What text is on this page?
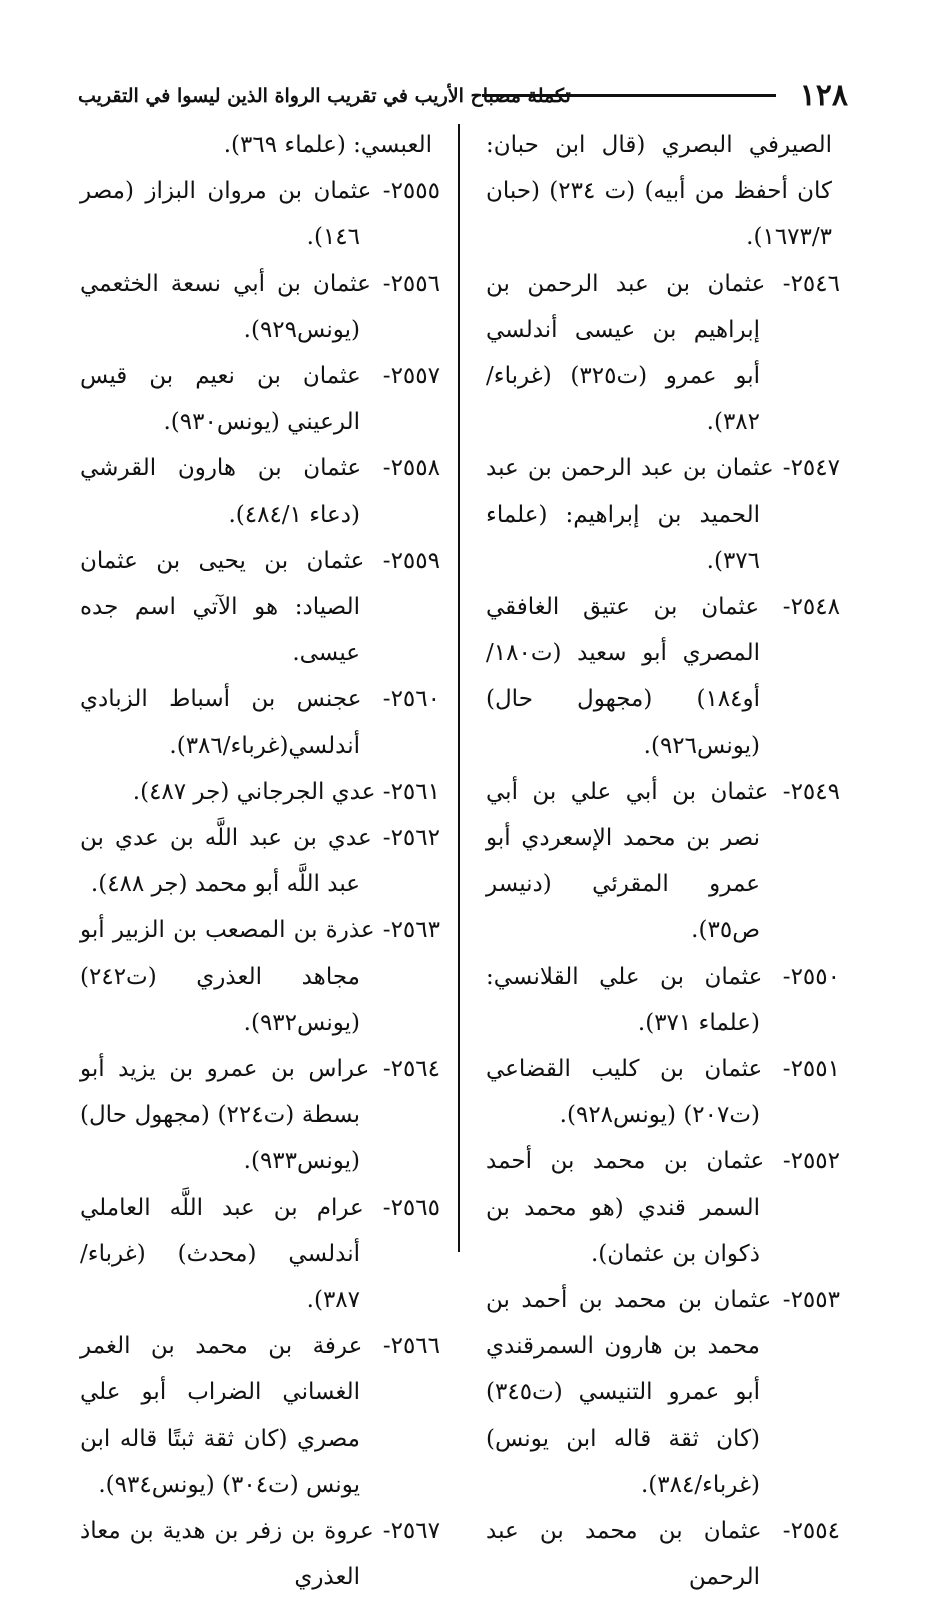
١٢٨
تكملة مصباح الأريب في تقريب الرواة الذين ليسوا في التقريب

الصيرفي البصري (قال ابن حبان: كان أحفظ من أبيه) (ت ٢٣٤) (حبان ١٦٧٣/٣).

٢٥٤٦- عثمان بن عبد الرحمن بن إبراهيم بن عيسى أندلسي أبو عمرو (ت٣٢٥) (غرباء/٣٨٢).

٢٥٤٧- عثمان بن عبد الرحمن بن عبد الحميد بن إبراهيم: (علماء ٣٧٦).

٢٥٤٨- عثمان بن عتيق الغافقي المصري أبو سعيد (ت١٨٠/أو١٨٤) (مجهول حال) (يونس٩٢٦).

٢٥٤٩- عثمان بن أبي علي بن أبي نصر بن محمد الإسعردي أبو عمرو المقرئي (دنيسر ص٣٥).

٢٥٥٠- عثمان بن علي القلانسي: (علماء ٣٧١).

٢٥٥١- عثمان بن كليب القضاعي (ت٢٠٧) (يونس٩٢٨).

٢٥٥٢- عثمان بن محمد بن أحمد السمر قندي (هو محمد بن ذكوان بن عثمان).

٢٥٥٣- عثمان بن محمد بن أحمد بن محمد بن هارون السمرقندي أبو عمرو التنيسي (ت٣٤٥) (كان ثقة قاله ابن يونس) (غرباء/٣٨٤).

٢٥٥٤- عثمان بن محمد بن عبد الرحمن

العبسي: (علماء ٣٦٩).

٢٥٥٥- عثمان بن مروان البزاز (مصر ١٤٦).

٢٥٥٦- عثمان بن أبي نسعة الخثعمي (يونس٩٢٩).

٢٥٥٧- عثمان بن نعيم بن قيس الرعيني (يونس٩٣٠).

٢٥٥٨- عثمان بن هارون القرشي (دعاء ٤٨٤/١).

٢٥٥٩- عثمان بن يحيى بن عثمان الصياد: هو الآتي اسم جده عيسى.

٢٥٦٠- عجنس بن أسباط الزبادي أندلسي(غرباء/٣٨٦).

٢٥٦١- عدي الجرجاني (جر ٤٨٧).

٢٥٦٢- عدي بن عبد اللَّه بن عدي بن عبد اللَّه أبو محمد (جر ٤٨٨).

٢٥٦٣- عذرة بن المصعب بن الزبير أبو مجاهد العذري (ت٢٤٢) (يونس٩٣٢).

٢٥٦٤- عراس بن عمرو بن يزيد أبو بسطة (ت٢٢٤) (مجهول حال) (يونس٩٣٣).

٢٥٦٥- عرام بن عبد اللَّه العاملي أندلسي (محدث) (غرباء/٣٨٧).

٢٥٦٦- عرفة بن محمد بن الغمر الغساني الضراب أبو علي مصري (كان ثقة ثبتًا قاله ابن يونس (ت٣٠٤) (يونس٩٣٤).

٢٥٦٧- عروة بن زفر بن هدية بن معاذ العذري
